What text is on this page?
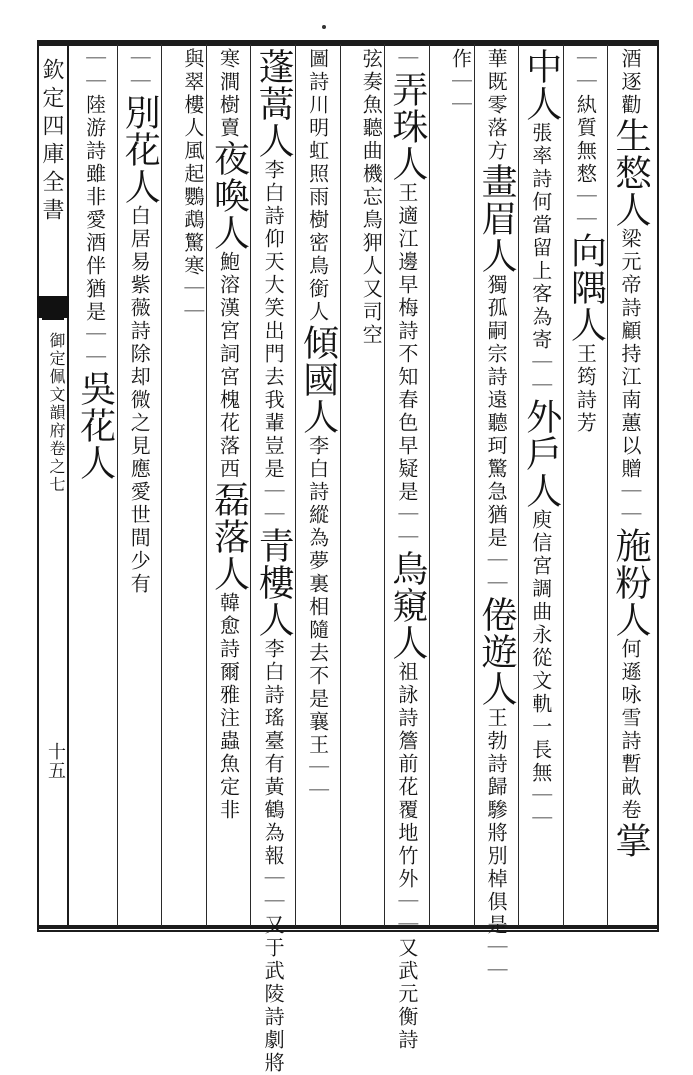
欽定四庫全書
御定佩文韻府卷之七
十五
酒逐勸生憗人梁元帝詩顧持江南蕙以贈｜｜施粉人何遜咏雪詩暫畝卷掌
｜｜紈質無憗｜｜向隅人王筠詩芳
中人張率詩何當留上客為寄｜｜外戶人庾信宮調曲永從文軌一長無｜｜
華既零落方畫眉人獨孤嗣宗詩遠聽珂驚急猶是｜｜倦遊人王勃詩歸驂將別棹俱是｜｜
作｜｜
｜弄珠人王適江邊早梅詩不知春色早疑是｜｜鳥窺人祖詠詩簷前花覆地竹外｜｜又武元衡詩
弦奏魚聽曲機忘鳥狎人又司空
圖詩川明虹照雨樹密鳥銜人傾國人李白詩縱為夢裏相隨去不是襄王｜｜
蓬蒿人李白詩仰天大笑出門去我輩豈是｜｜青樓人李白詩瑤臺有黃鶴為報｜｜又于武陵詩劇將
寒澗樹賣夜喚人鮑溶漢宮詞宮槐花落西磊落人韓愈詩爾雅注蟲魚定非
與翠樓人風起鸚鵡驚寒｜｜
｜｜別花人白居易紫薇詩除却微之見應愛世間少有
｜｜陸游詩雖非愛酒伴猶是｜｜吳花人
